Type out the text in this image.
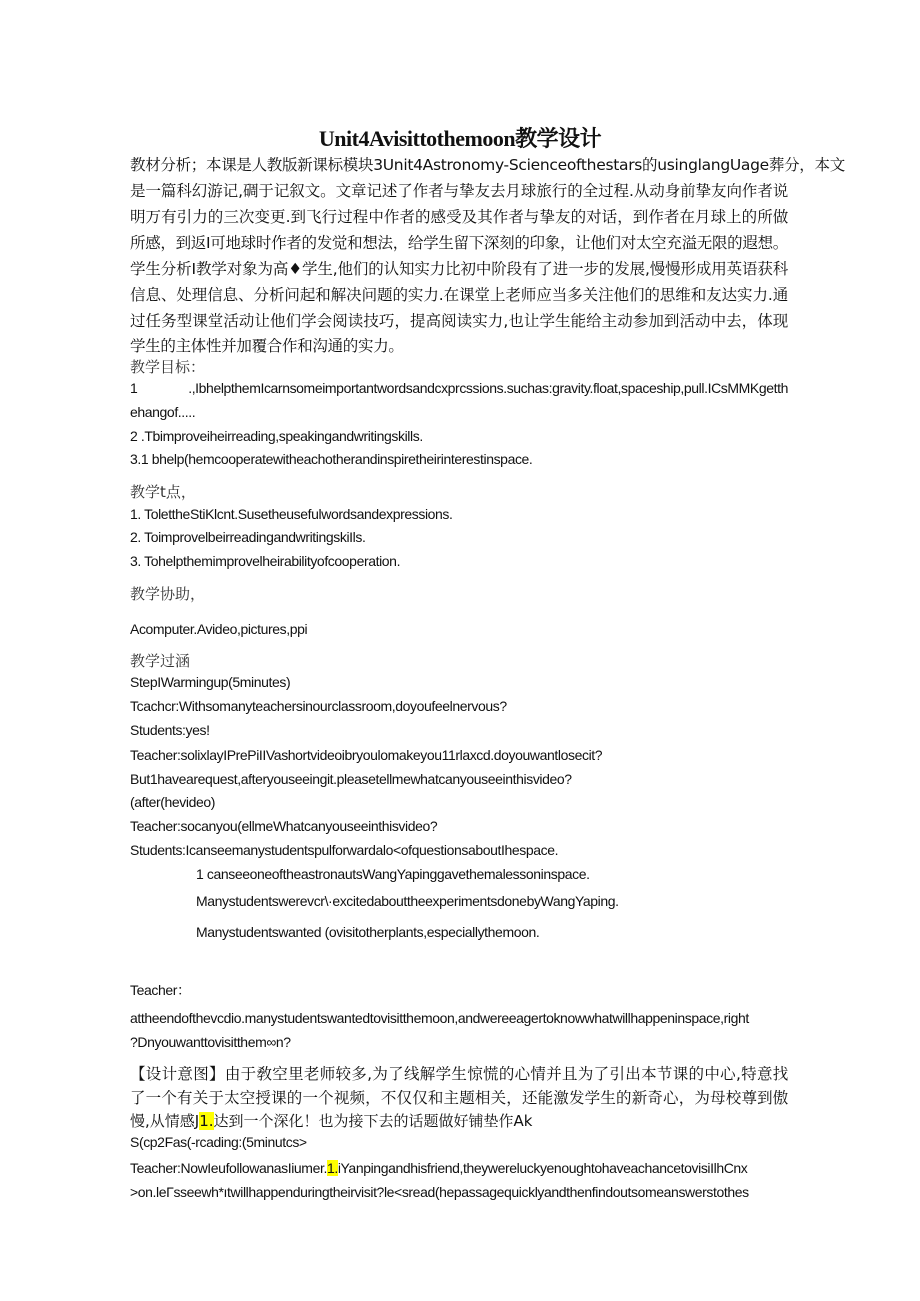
Unit4Avisittothemoon教学设计
教材分析；本课是人教版新课标模块3Unit4Astronomy-Scienceofthestars的usinglangUage葬分，本文
是一篇科幻游记,碉于记叙文。文章记述了作者与挚友去月球旅行的全过程.从动身前挚友向作者说
明万有引力的三次变更.到飞行过程中作者的感受及其作者与挚友的对话，到作者在月球上的所做
所感，到返I可地球时作者的发觉和想法，给学生留下深刻的印象，让他们对太空充溢无限的遐想。
学生分析I教学对象为高♦学生,他们的认知实力比初中阶段有了进一步的发展,慢慢形成用英语获科
信息、处理信息、分析问起和解决问题的实力.在课堂上老师应当多关注他们的思维和友达实力.通
过任务型课堂活动让他们学会阅读技巧，提高阅读实力,也让学生能给主动参加到活动中去，体现
学生的主体性并加覆合作和沟通的实力。
教学目标：
1 .,IbhelpthemIcarnsomeimportantwordsandcxprcssions.suchas:gravity.float,spaceship,pull.ICsMMKgetth
ehangof.....
2 .Tbimproveiheirreading,speakingandwritingskills.
3.1 bhelp(hemcooperatewitheachotherandinspiretheirinterestinspace.
教学t点，
1. TolettheStiKlcnt.Susetheusefulwordsandexpressions.
2. ToimprovelbeirreadingandwritingskiIls.
3. Tohelpthemimprovelheirabilityofcooperation.
教学协助，
Acomputer.Avideo,pictures,ppi
教学过涵
StepIWarmingup(5minutes)
Tcachcr:Withsomanyteachersinourclassroom,doyoufeelnervous?
Students:yes!
Teacher:solixlayIPrePiIIVashortvideoibryoulomakeyou11rlaxcd.doyouwantlosecit?
But1havearequest,afteryouseeingit.pleasetellmewhatcanyouseeinthisvideo?
(after(hevideo)
Teacher:socanyou(ellmeWhatcanyouseeinthisvideo?
Students:Icanseemanystudentspulforwardalo<ofquestionsaboutIhespace.
1 canseeoneoftheastronautsWangYapinggavethemalessoninspace.
Manystudentswerevcr\·excitedabouttheexperimentsdonebyWangYaping.
Manystudentswanted (ovisitotherplants,especiallythemoon.
Teacher：
attheendofthevcdio.manystudentswantedtovisitthemoon,andwereeagertoknowwhatwillhappeninspace,right
?Dnyouwanttovisitthem∞n?
【设计意图】由于敎空里老师较多,为了线解学生惊慌的心情并且为了引出本节课的中心,特意找
了一个有关于太空授课的一个视频，不仅仅和主题相关，还能激发学生的新奇心，为母校尊到傲
慢,从情感J1.达到一个深化！也为接下去的话题做好铺垫作Ak
S(cp2Fas(-rcading:(5minutcs>
Teacher:NowIeufollowanasIiumer.1.iYanpingandhisfriend,theywereluckyenoughtohaveachancetovisiIlhCnx
>on.leΓsseewh*ıtwillhappenduringtheirvisit?le<sread(hepassagequicklyandthenfindoutsomeanswerstothes
